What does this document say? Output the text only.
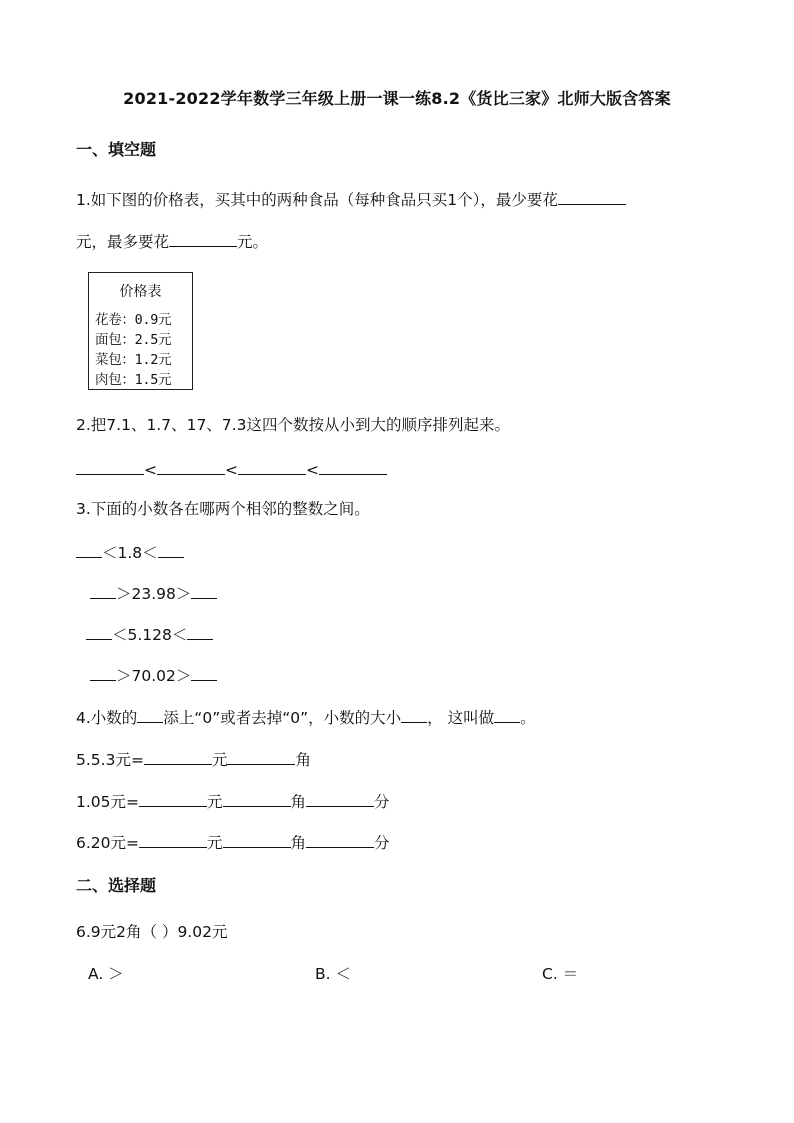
2021-2022学年数学三年级上册一课一练8.2《货比三家》北师大版含答案
一、填空题
1.如下图的价格表，买其中的两种食品（每种食品只买1个），最少要花
元，最多要花	元。
价格表
花卷：0.9元
面包：2.5元
菜包：1.2元
肉包：1.5元
2.把7.1、1.7、17、7.3这四个数按从小到大的顺序排列起来。
<	<	<
3.下面的小数各在哪两个相邻的整数之间。
＜1.8＜
＞23.98＞
＜5.128＜
＞70.02＞
4.小数的 添上“0”或者去掉“0”，小数的大小 ， 这叫做 。
5.5.3元=	元	角
1.05元=	元	角	分
6.20元=	元	角	分
二、选择题
6.9元2角（ ）9.02元
A. ＞	B. ＜	C. ＝
